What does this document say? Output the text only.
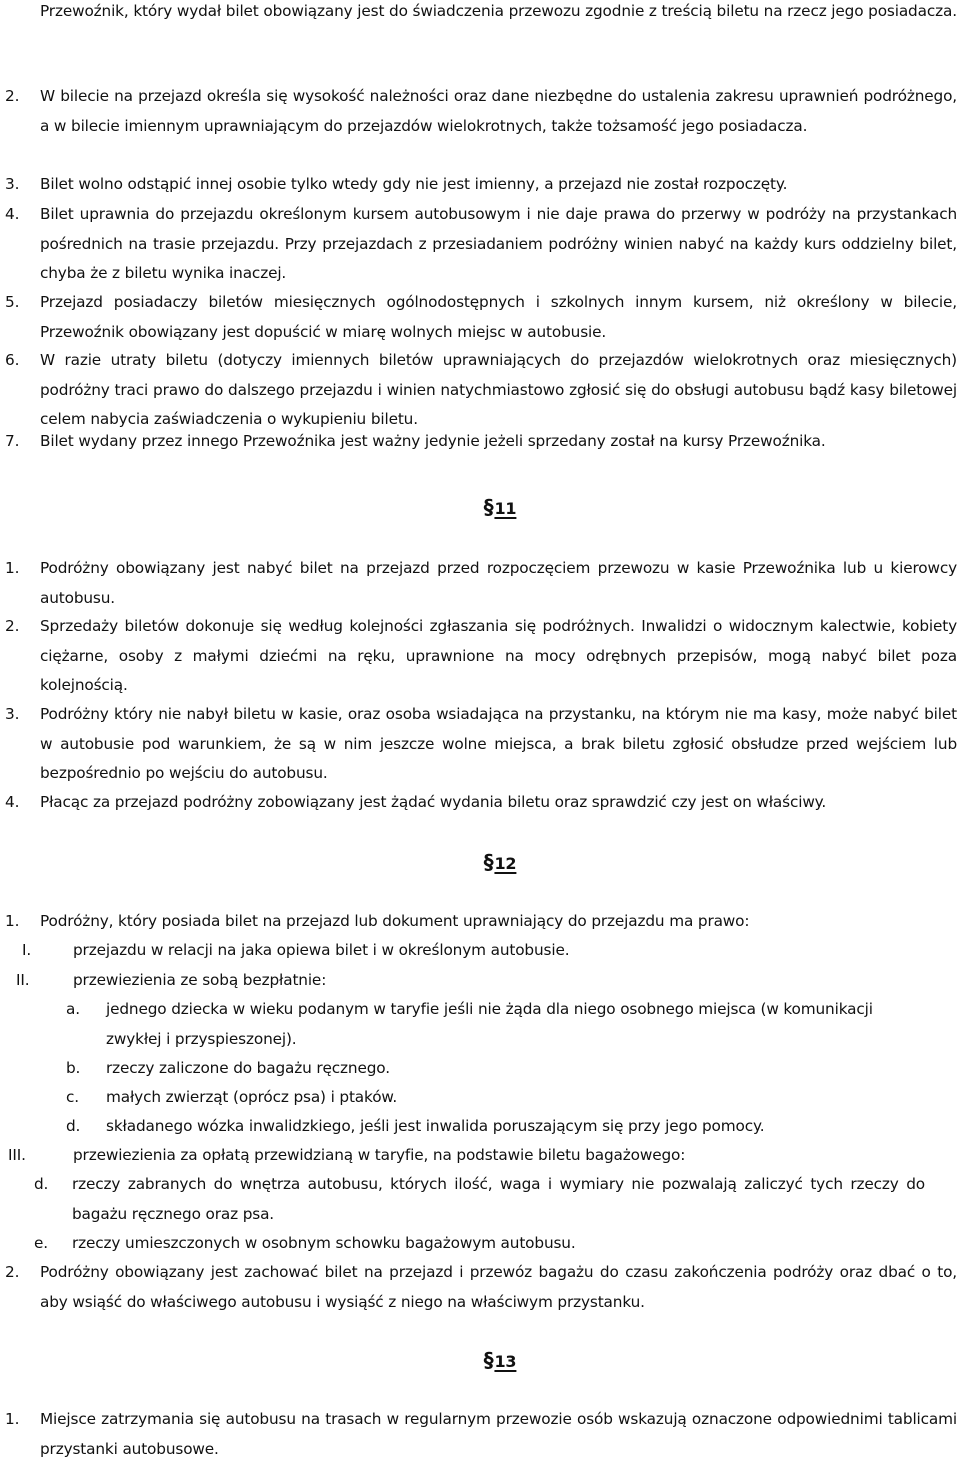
Przewoźnik, który wydał bilet obowiązany jest do świadczenia przewozu zgodnie z treścią biletu na rzecz jego posiadacza.
2. W bilecie na przejazd określa się wysokość należności oraz dane niezbędne do ustalenia zakresu uprawnień podróżnego, a w bilecie imiennym uprawniającym do przejazdów wielokrotnych, także tożsamość jego posiadacza.
3. Bilet wolno odstąpić innej osobie tylko wtedy gdy nie jest imienny, a przejazd nie został rozpoczęty.
4. Bilet uprawnia do przejazdu określonym kursem autobusowym i nie daje prawa do przerwy w podróży na przystankach pośrednich na trasie przejazdu. Przy przejazdach z przesiadaniem podróżny winien nabyć na każdy kurs oddzielny bilet, chyba że z biletu wynika inaczej.
5. Przejazd posiadaczy biletów miesięcznych ogólnodostępnych i szkolnych innym kursem, niż określony w bilecie, Przewoźnik obowiązany jest dopuścić w miarę wolnych miejsc w autobusie.
6. W razie utraty biletu (dotyczy imiennych biletów uprawniających do przejazdów wielokrotnych oraz miesięcznych) podróżny traci prawo do dalszego przejazdu i winien natychmiastowo zgłosić się do obsługi autobusu bądź kasy biletowej celem nabycia zaświadczenia o wykupieniu biletu.
7. Bilet wydany przez innego Przewoźnika jest ważny jedynie jeżeli sprzedany został na kursy Przewoźnika.
§11
1. Podróżny obowiązany jest nabyć bilet na przejazd przed rozpoczęciem przewozu w kasie Przewoźnika lub u kierowcy autobusu.
2. Sprzedaży biletów dokonuje się według kolejności zgłaszania się podróżnych. Inwalidzi o widocznym kalectwie, kobiety ciężarne, osoby z małymi dziećmi na ręku, uprawnione na mocy odrębnych przepisów, mogą nabyć bilet poza kolejnością.
3. Podróżny który nie nabył biletu w kasie, oraz osoba wsiadająca na przystanku, na którym nie ma kasy, może nabyć bilet w autobusie pod warunkiem, że są w nim jeszcze wolne miejsca, a brak biletu zgłosić obsłudze przed wejściem lub bezpośrednio po wejściu do autobusu.
4. Płacąc za przejazd podróżny zobowiązany jest żądać wydania biletu oraz sprawdzić czy jest on właściwy.
§12
1. Podróżny, który posiada bilet na przejazd lub dokument uprawniający do przejazdu ma prawo:
I.	przejazdu w relacji na jaka opiewa bilet i w określonym autobusie.
II.	przewiezienia ze sobą bezpłatnie:
a. jednego dziecka w wieku podanym w taryfie jeśli nie żąda dla niego osobnego miejsca (w komunikacji zwykłej i przyspieszonej).
b. rzeczy zaliczone do bagażu ręcznego.
c. małych zwierząt (oprócz psa) i ptaków.
d. składanego wózka inwalidzkiego, jeśli jest inwalida poruszającym się przy jego pomocy.
III.	przewiezienia za opłatą przewidzianą w taryfie, na podstawie biletu bagażowego:
d. rzeczy zabranych do wnętrza autobusu, których ilość, waga i wymiary nie pozwalają zaliczyć tych rzeczy do bagażu ręcznego oraz psa.
e. rzeczy umieszczonych w osobnym schowku bagażowym autobusu.
2. Podróżny obowiązany jest zachować bilet na przejazd i przewóz bagażu do czasu zakończenia podróży oraz dbać o to, aby wsiąść do właściwego autobusu i wysiąść z niego na właściwym przystanku.
§13
1. Miejsce zatrzymania się autobusu na trasach w regularnym przewozie osób wskazują oznaczone odpowiednimi tablicami przystanki autobusowe.
